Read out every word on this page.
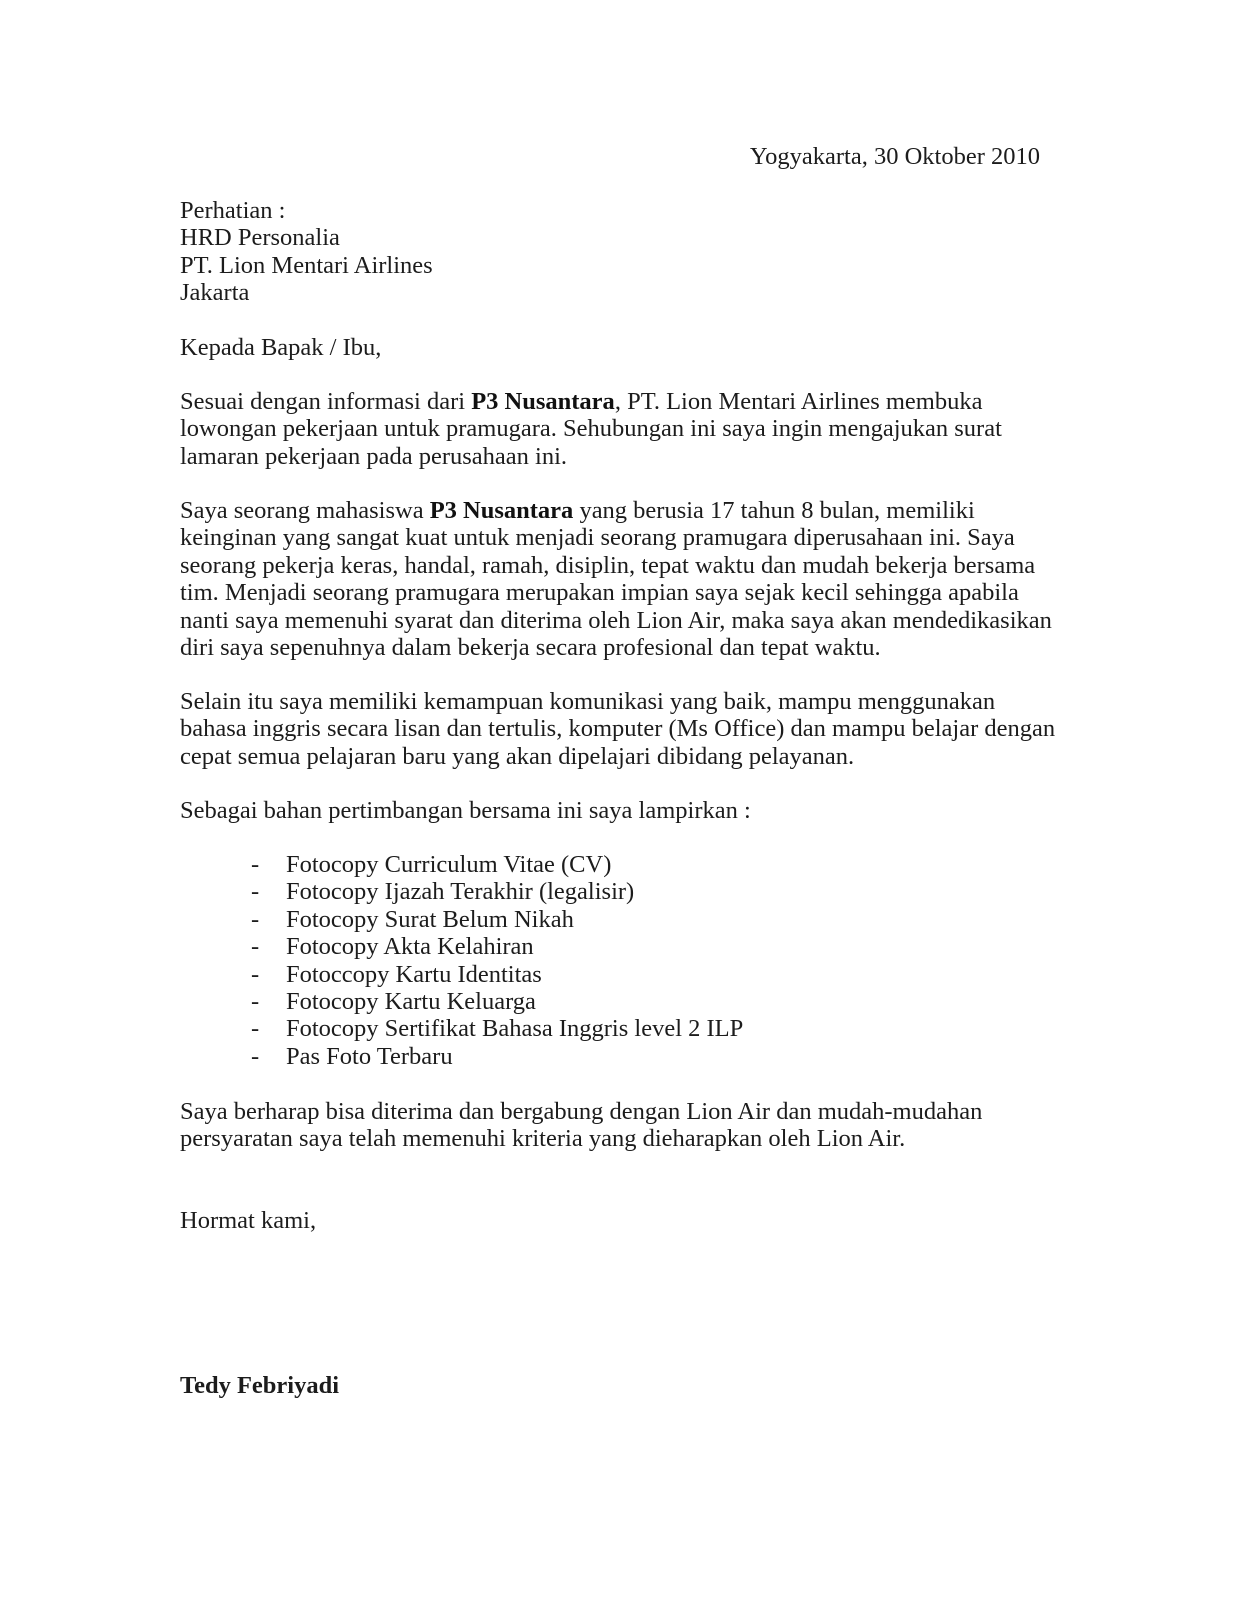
Yogyakarta, 30 Oktober 2010
Perhatian :
HRD Personalia
PT. Lion Mentari Airlines
Jakarta
Kepada Bapak / Ibu,
Sesuai dengan informasi dari P3 Nusantara, PT. Lion Mentari Airlines membuka
lowongan pekerjaan untuk pramugara. Sehubungan ini saya ingin mengajukan surat
lamaran pekerjaan pada perusahaan ini.
Saya seorang mahasiswa P3 Nusantara yang berusia 17 tahun 8 bulan, memiliki
keinginan yang sangat kuat untuk menjadi seorang pramugara diperusahaan ini. Saya
seorang pekerja keras, handal, ramah, disiplin, tepat waktu dan mudah bekerja bersama
tim. Menjadi seorang pramugara merupakan impian saya sejak kecil sehingga apabila
nanti saya memenuhi syarat dan diterima oleh Lion Air, maka saya akan mendedikasikan
diri saya sepenuhnya dalam bekerja secara profesional dan tepat waktu.
Selain itu saya memiliki kemampuan komunikasi yang baik, mampu menggunakan
bahasa inggris secara lisan dan tertulis, komputer (Ms Office) dan mampu belajar dengan
cepat semua pelajaran baru yang akan dipelajari dibidang pelayanan.
Sebagai bahan pertimbangan bersama ini saya lampirkan :
- Fotocopy Curriculum Vitae (CV)
- Fotocopy Ijazah Terakhir (legalisir)
- Fotocopy Surat Belum Nikah
- Fotocopy Akta Kelahiran
- Fotoccopy Kartu Identitas
- Fotocopy Kartu Keluarga
- Fotocopy Sertifikat Bahasa Inggris level 2 ILP
- Pas Foto Terbaru
Saya berharap bisa diterima dan bergabung dengan Lion Air dan mudah-mudahan
persyaratan saya telah memenuhi kriteria yang dieharapkan oleh Lion Air.
Hormat kami,
Tedy Febriyadi
